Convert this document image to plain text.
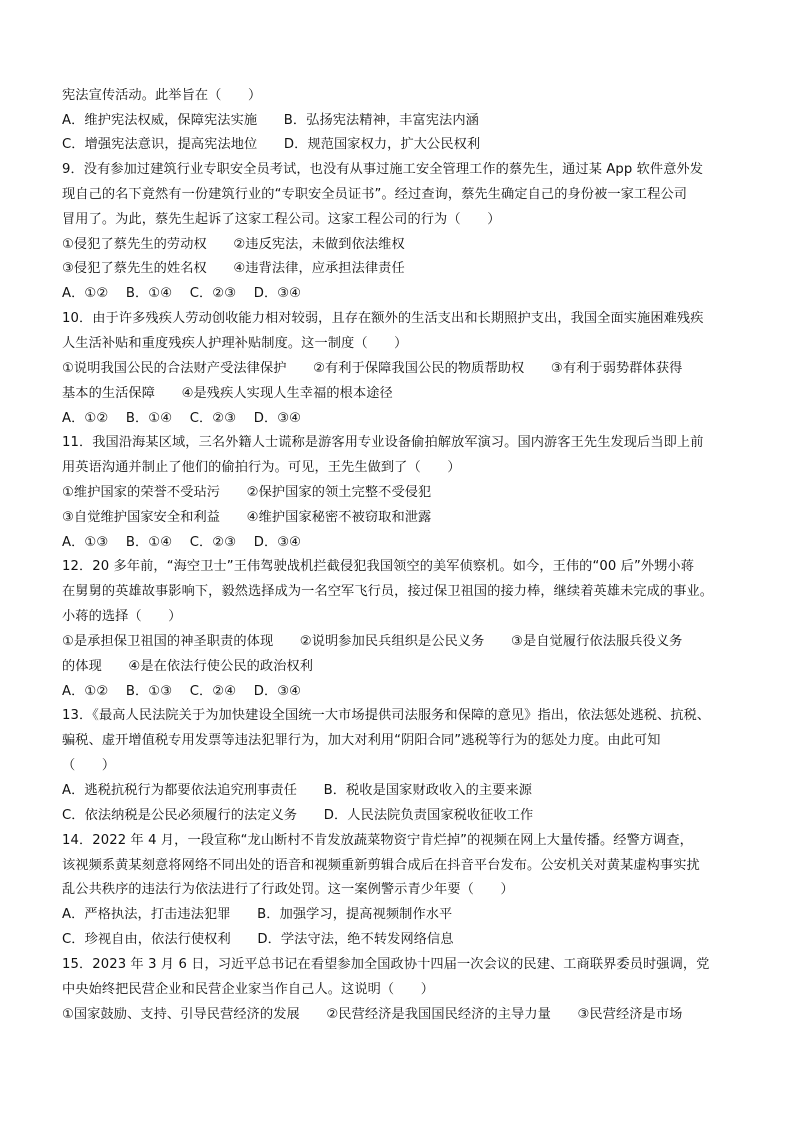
宪法宣传活动。此举旨在（　　）
A．维护宪法权威，保障宪法实施　　B．弘扬宪法精神，丰富宪法内涵
C．增强宪法意识，提高宪法地位　　D．规范国家权力，扩大公民权利
9．没有参加过建筑行业专职安全员考试，也没有从事过施工安全管理工作的蔡先生，通过某 App 软件意外发
现自己的名下竟然有一份建筑行业的“专职安全员证书”。经过查询，蔡先生确定自己的身份被一家工程公司
冒用了。为此，蔡先生起诉了这家工程公司。这家工程公司的行为（　　）
①侵犯了蔡先生的劳动权　　②违反宪法，未做到依法维权
③侵犯了蔡先生的姓名权　　④违背法律，应承担法律责任
A．①②　 B．①④　 C．②③　 D．③④
10．由于许多残疾人劳动创收能力相对较弱，且存在额外的生活支出和长期照护支出，我国全面实施困难残疾
人生活补贴和重度残疾人护理补贴制度。这一制度（　　）
①说明我国公民的合法财产受法律保护　　②有利于保障我国公民的物质帮助权　　③有利于弱势群体获得
基本的生活保障　　④是残疾人实现人生幸福的根本途径
A．①②　 B．①④　 C．②③　 D．③④
11．我国沿海某区域，三名外籍人士谎称是游客用专业设备偷拍解放军演习。国内游客王先生发现后当即上前
用英语沟通并制止了他们的偷拍行为。可见，王先生做到了（　　）
①维护国家的荣誉不受玷污　　②保护国家的领土完整不受侵犯
③自觉维护国家安全和利益　　④维护国家秘密不被窃取和泄露
A．①③　 B．①④　 C．②③　 D．③④
12．20 多年前，“海空卫士”王伟驾驶战机拦截侵犯我国领空的美军侦察机。如今，王伟的“00 后”外甥小蒋
在舅舅的英雄故事影响下，毅然选择成为一名空军飞行员，接过保卫祖国的接力棒，继续着英雄未完成的事业。
小蒋的选择（　　）
①是承担保卫祖国的神圣职责的体现　　②说明参加民兵组织是公民义务　　③是自觉履行依法服兵役义务
的体现　　④是在依法行使公民的政治权利
A．①②　 B．①③　 C．②④　 D．③④
13．《最高人民法院关于为加快建设全国统一大市场提供司法服务和保障的意见》指出，依法惩处逃税、抗税、
骗税、虚开增值税专用发票等违法犯罪行为，加大对利用“阴阳合同”逃税等行为的惩处力度。由此可知
（　　）
A．逃税抗税行为都要依法追究刑事责任　　B．税收是国家财政收入的主要来源
C．依法纳税是公民必须履行的法定义务　　D．人民法院负责国家税收征收工作
14．2022 年 4 月，一段宣称“龙山断村不肯发放蔬菜物资宁肯烂掉”的视频在网上大量传播。经警方调查，
该视频系黄某刻意将网络不同出处的语音和视频重新剪辑合成后在抖音平台发布。公安机关对黄某虚构事实扰
乱公共秩序的违法行为依法进行了行政处罚。这一案例警示青少年要（　　）
A．严格执法，打击违法犯罪　　B．加强学习，提高视频制作水平
C．珍视自由，依法行使权利　　D．学法守法，绝不转发网络信息
15．2023 年 3 月 6 日，习近平总书记在看望参加全国政协十四届一次会议的民建、工商联界委员时强调，党
中央始终把民营企业和民营企业家当作自己人。这说明（　　）
①国家鼓励、支持、引导民营经济的发展　　②民营经济是我国国民经济的主导力量　　③民营经济是市场
